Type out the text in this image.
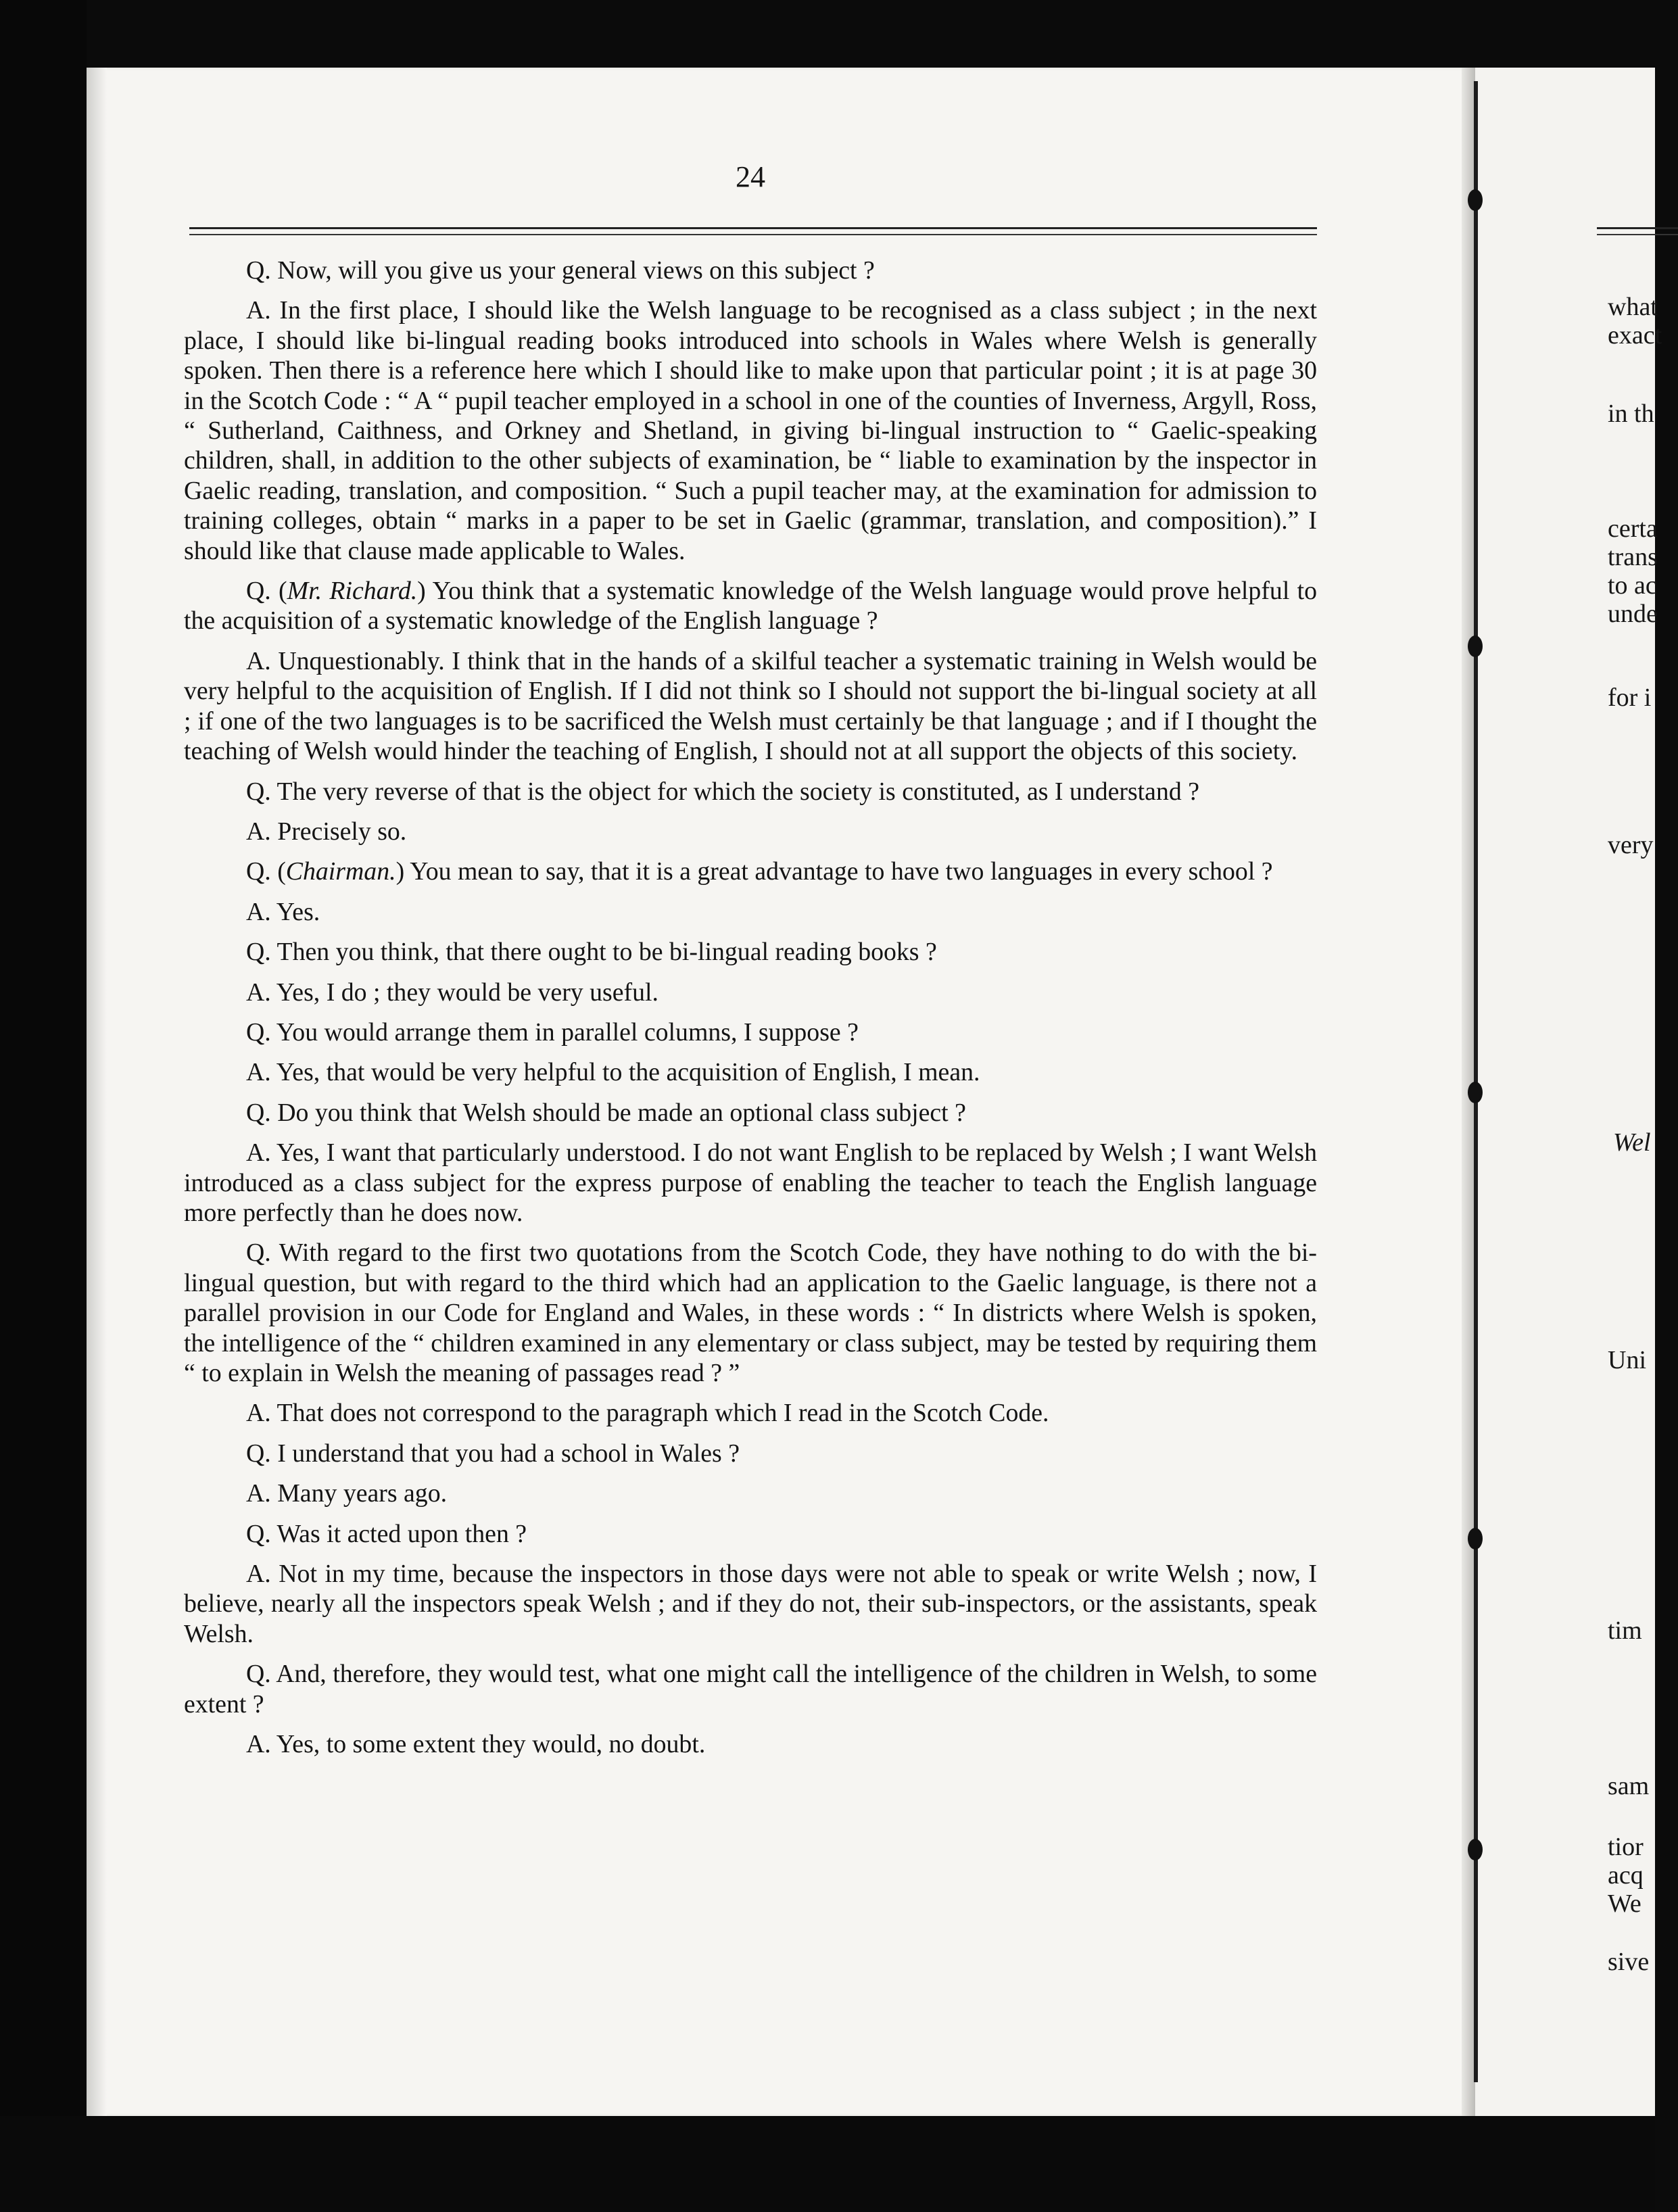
24

Q. Now, will you give us your general views on this subject ?

A. In the first place, I should like the Welsh language to be recognised as a class subject ; in the next place, I should like bi-lingual reading books introduced into schools in Wales where Welsh is generally spoken. Then there is a reference here which I should like to make upon that particular point ; it is at page 30 in the Scotch Code : “ A “ pupil teacher employed in a school in one of the counties of Inverness, Argyll, Ross, “ Sutherland, Caithness, and Orkney and Shetland, in giving bi-lingual instruction to “ Gaelic-speaking children, shall, in addition to the other subjects of examination, be “ liable to examination by the inspector in Gaelic reading, translation, and composition. “ Such a pupil teacher may, at the examination for admission to training colleges, obtain “ marks in a paper to be set in Gaelic (grammar, translation, and composition).” I should like that clause made applicable to Wales.

Q. (Mr. Richard.) You think that a systematic knowledge of the Welsh language would prove helpful to the acquisition of a systematic knowledge of the English language ?

A. Unquestionably. I think that in the hands of a skilful teacher a systematic training in Welsh would be very helpful to the acquisition of English. If I did not think so I should not support the bi-lingual society at all ; if one of the two languages is to be sacrificed the Welsh must certainly be that language ; and if I thought the teaching of Welsh would hinder the teaching of English, I should not at all support the objects of this society.

Q. The very reverse of that is the object for which the society is constituted, as I understand ?

A. Precisely so.

Q. (Chairman.) You mean to say, that it is a great advantage to have two languages in every school ?

A. Yes.

Q. Then you think, that there ought to be bi-lingual reading books ?

A. Yes, I do ; they would be very useful.

Q. You would arrange them in parallel columns, I suppose ?

A. Yes, that would be very helpful to the acquisition of English, I mean.

Q. Do you think that Welsh should be made an optional class subject ?

A. Yes, I want that particularly understood. I do not want English to be replaced by Welsh ; I want Welsh introduced as a class subject for the express purpose of enabling the teacher to teach the English language more perfectly than he does now.

Q. With regard to the first two quotations from the Scotch Code, they have nothing to do with the bi-lingual question, but with regard to the third which had an application to the Gaelic language, is there not a parallel provision in our Code for England and Wales, in these words : “ In districts where Welsh is spoken, the intelligence of the “ children examined in any elementary or class subject, may be tested by requiring them “ to explain in Welsh the meaning of passages read ? ”

A. That does not correspond to the paragraph which I read in the Scotch Code.

Q. I understand that you had a school in Wales ?

A. Many years ago.

Q. Was it acted upon then ?

A. Not in my time, because the inspectors in those days were not able to speak or write Welsh ; now, I believe, nearly all the inspectors speak Welsh ; and if they do not, their sub-inspectors, or the assistants, speak Welsh.

Q. And, therefore, they would test, what one might call the intelligence of the children in Welsh, to some extent ?

A. Yes, to some extent they would, no doubt.

what
exact
in th
certa
trans
to ac
unde
for i
very
Wel
Uni
tim
sam
tior
acq
We
sive
